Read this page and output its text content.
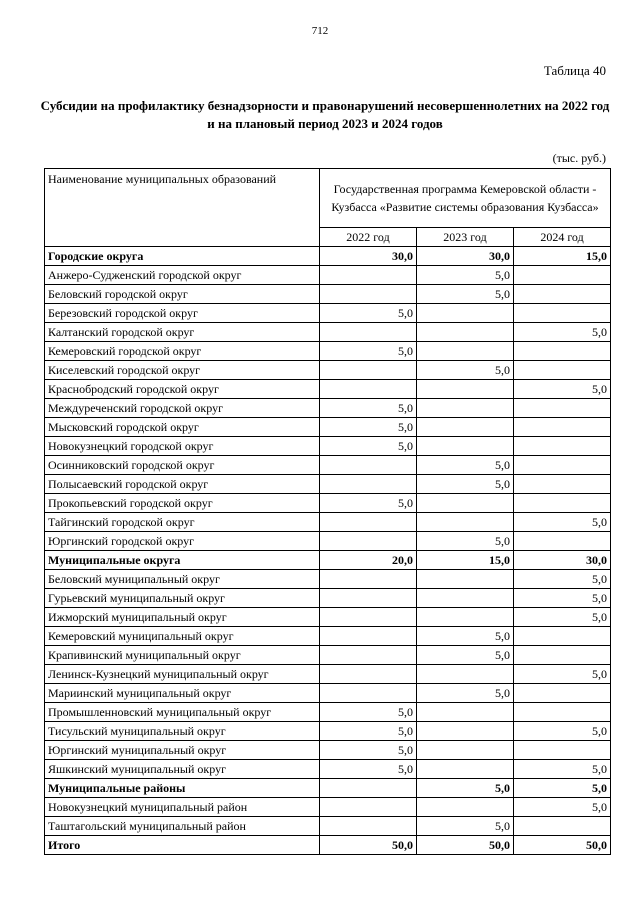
712
Таблица 40
Субсидии на профилактику безнадзорности и правонарушений несовершеннолетних на 2022 год и на плановый период 2023 и 2024 годов
(тыс. руб.)
Наименование муниципальных образований	Государственная программа Кемеровской области - Кузбасса «Развитие системы образования Кузбасса»		
	2022 год	2023 год	2024 год
Городские округа	30,0	30,0	15,0
Анжеро-Судженский городской округ		5,0	
Беловский городской округ		5,0	
Березовский городской округ	5,0		
Калтанский городской округ			5,0
Кемеровский городской округ	5,0		
Киселевский городской округ		5,0	
Краснобродский городской округ			5,0
Междуреченский городской округ	5,0		
Мысковский городской округ	5,0		
Новокузнецкий городской округ	5,0		
Осинниковский городской округ		5,0	
Полысаевский городской округ		5,0	
Прокопьевский городской округ	5,0		
Тайгинский городской округ			5,0
Юргинский городской округ		5,0	
Муниципальные округа	20,0	15,0	30,0
Беловский муниципальный округ			5,0
Гурьевский муниципальный округ			5,0
Ижморский муниципальный округ			5,0
Кемеровский муниципальный округ		5,0	
Крапивинский муниципальный округ		5,0	
Ленинск-Кузнецкий муниципальный округ			5,0
Мариинский муниципальный округ		5,0	
Промышленновский муниципальный округ	5,0		
Тисульский муниципальный округ	5,0		5,0
Юргинский муниципальный округ	5,0		
Яшкинский муниципальный округ	5,0		5,0
Муниципальные районы		5,0	5,0
Новокузнецкий муниципальный район			5,0
Таштагольский муниципальный район		5,0	
Итого	50,0	50,0	50,0
